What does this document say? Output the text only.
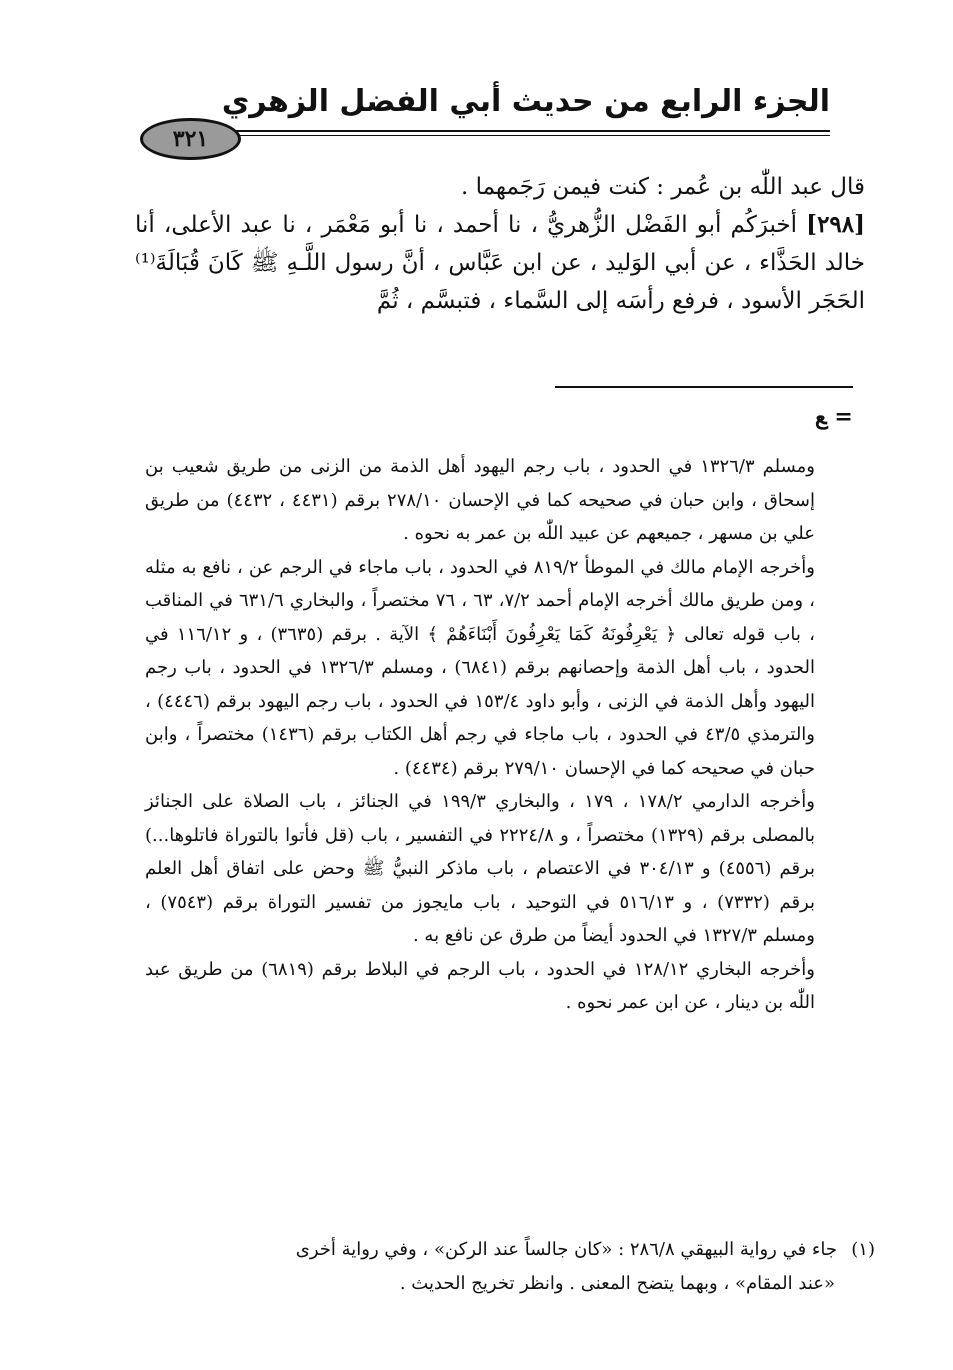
الجزء الرابع من حديث أبي الفضل الزهري
٣٢١

قال عبد اللّٰه بن عُمر : كنت فيمن رَجَمهما .

[٢٩٨] أخبرَكُم أبو الفَضْل الزُّهريُّ ، نا أحمد ، نا أبو مَعْمَر ، نا عبد الأعلى، أنا خالد الحَذَّاء ، عن أبي الوَليد ، عن ابن عَبَّاس ، أنَّ رسول اللَّـهِ ﷺ كَانَ قُبَالَةَ⁽¹⁾ الحَجَر الأسود ، فرفع رأسَه إلى السَّماء ، فتبسَّم ، ثُمَّ

= ‍ﻊ

ومسلم ١٣٢٦/٣ في الحدود ، باب رجم اليهود أهل الذمة من الزنى من طريق شعيب بن إسحاق ، وابن حبان في صحيحه كما في الإحسان ٢٧٨/١٠ برقم (٤٤٣١ ، ٤٤٣٢) من طريق علي بن مسهر ، جميعهم عن عبيد اللّٰه بن عمر به نحوه .

وأخرجه الإمام مالك في الموطأ ٨١٩/٢ في الحدود ، باب ماجاء في الرجم عن ، نافع به مثله ، ومن طريق مالك أخرجه الإمام أحمد ٧/٢، ٦٣ ، ٧٦ مختصراً ، والبخاري ٦٣١/٦ في المناقب ، باب قوله تعالى ﴿ يَعْرِفُونَهُ كَمَا يَعْرِفُونَ أَبْنَاءَهُمْ ﴾ الآية . برقم (٣٦٣٥) ، و ١١٦/١٢ في الحدود ، باب أهل الذمة وإحصانهم برقم (٦٨٤١) ، ومسلم ١٣٢٦/٣ في الحدود ، باب رجم اليهود وأهل الذمة في الزنى ، وأبو داود ١٥٣/٤ في الحدود ، باب رجم اليهود برقم (٤٤٤٦) ، والترمذي ٤٣/٥ في الحدود ، باب ماجاء في رجم أهل الكتاب برقم (١٤٣٦) مختصراً ، وابن حبان في صحيحه كما في الإحسان ٢٧٩/١٠ برقم (٤٤٣٤) .

وأخرجه الدارمي ١٧٨/٢ ، ١٧٩ ، والبخاري ١٩٩/٣ في الجنائز ، باب الصلاة على الجنائز بالمصلى برقم (١٣٢٩) مختصراً ، و ٢٢٢٤/٨ في التفسير ، باب (قل فأتوا بالتوراة فاتلوها...) برقم (٤٥٥٦) و ٣٠٤/١٣ في الاعتصام ، باب ماذكر النبيُّ ﷺ وحض على اتفاق أهل العلم برقم (٧٣٣٢) ، و ٥١٦/١٣ في التوحيد ، باب مايجوز من تفسير التوراة برقم (٧٥٤٣) ، ومسلم ١٣٢٧/٣ في الحدود أيضاً من طرق عن نافع به .

وأخرجه البخاري ١٢٨/١٢ في الحدود ، باب الرجم في البلاط برقم (٦٨١٩) من طريق عبد اللّٰه بن دينار ، عن ابن عمر نحوه .

(١)جاء في رواية البيهقي ٢٨٦/٨ : «كان جالساً عند الركن» ، وفي رواية أخرى

«عند المقام» ، وبهما يتضح المعنى . وانظر تخريج الحديث .
